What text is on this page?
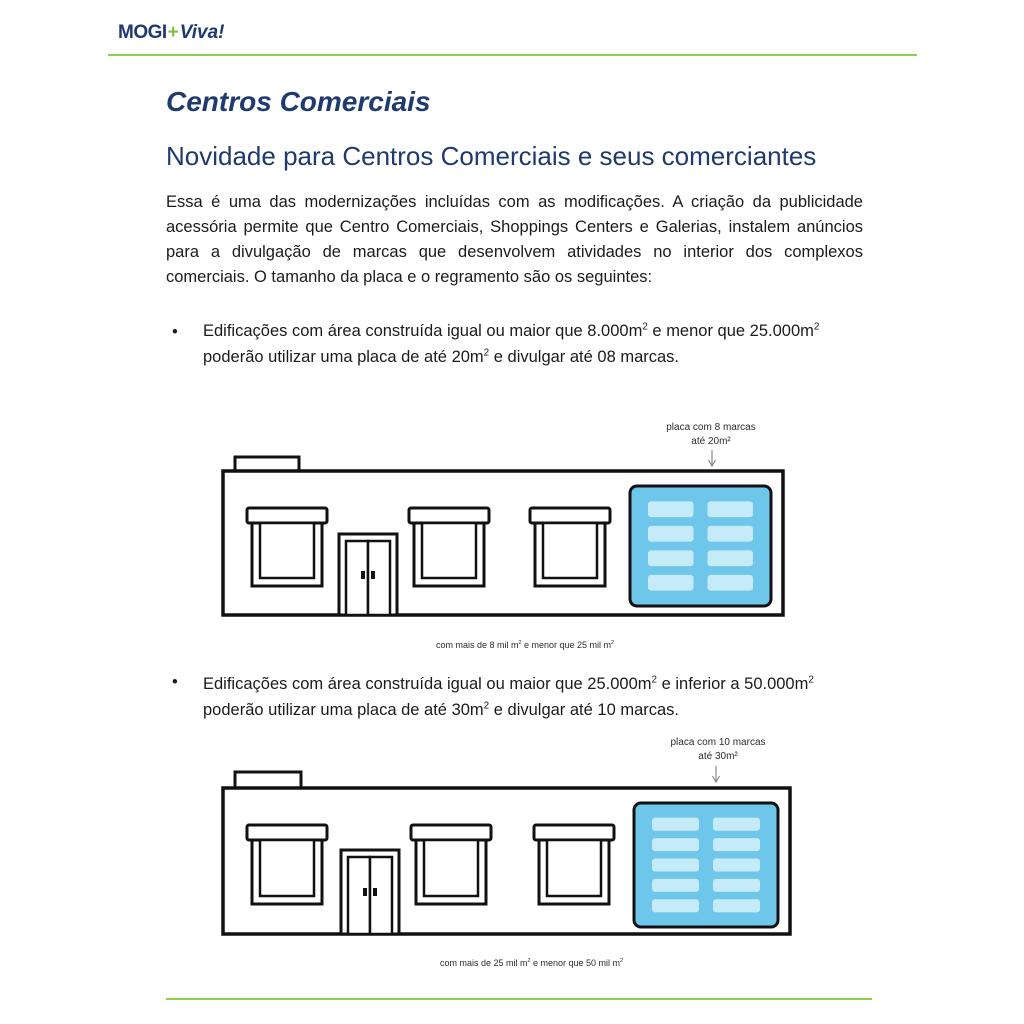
MOGI+Viva!
Centros Comerciais
Novidade para Centros Comerciais e seus comerciantes

Essa é uma das modernizações incluídas com as modificações. A criação da publicidade acessória permite que Centro Comerciais, Shoppings Centers e Galerias, instalem anúncios para a divulgação de marcas que desenvolvem atividades no interior dos complexos comerciais. O tamanho da placa e o regramento são os seguintes:

• Edificações com área construída igual ou maior que $8.000m^2$ e menor que $25.000m^2$
poderão utilizar uma placa de até $20m^2$ e divulgar até 08 marcas.

placa com 8 marcas
até 20m²
com mais de 8 mil $m^2$ e menor que 25 mil $m^2$
• Edificações com área construída igual ou maior que $25.000m^2$ e inferior a $50.000m^2$
poderão utilizar uma placa de até $30m^2$ e divulgar até 10 marcas.

placa com 10 marcas
até 30m²
com mais de 25 mil $m^2$ e menor que 50 mil $m^2$
